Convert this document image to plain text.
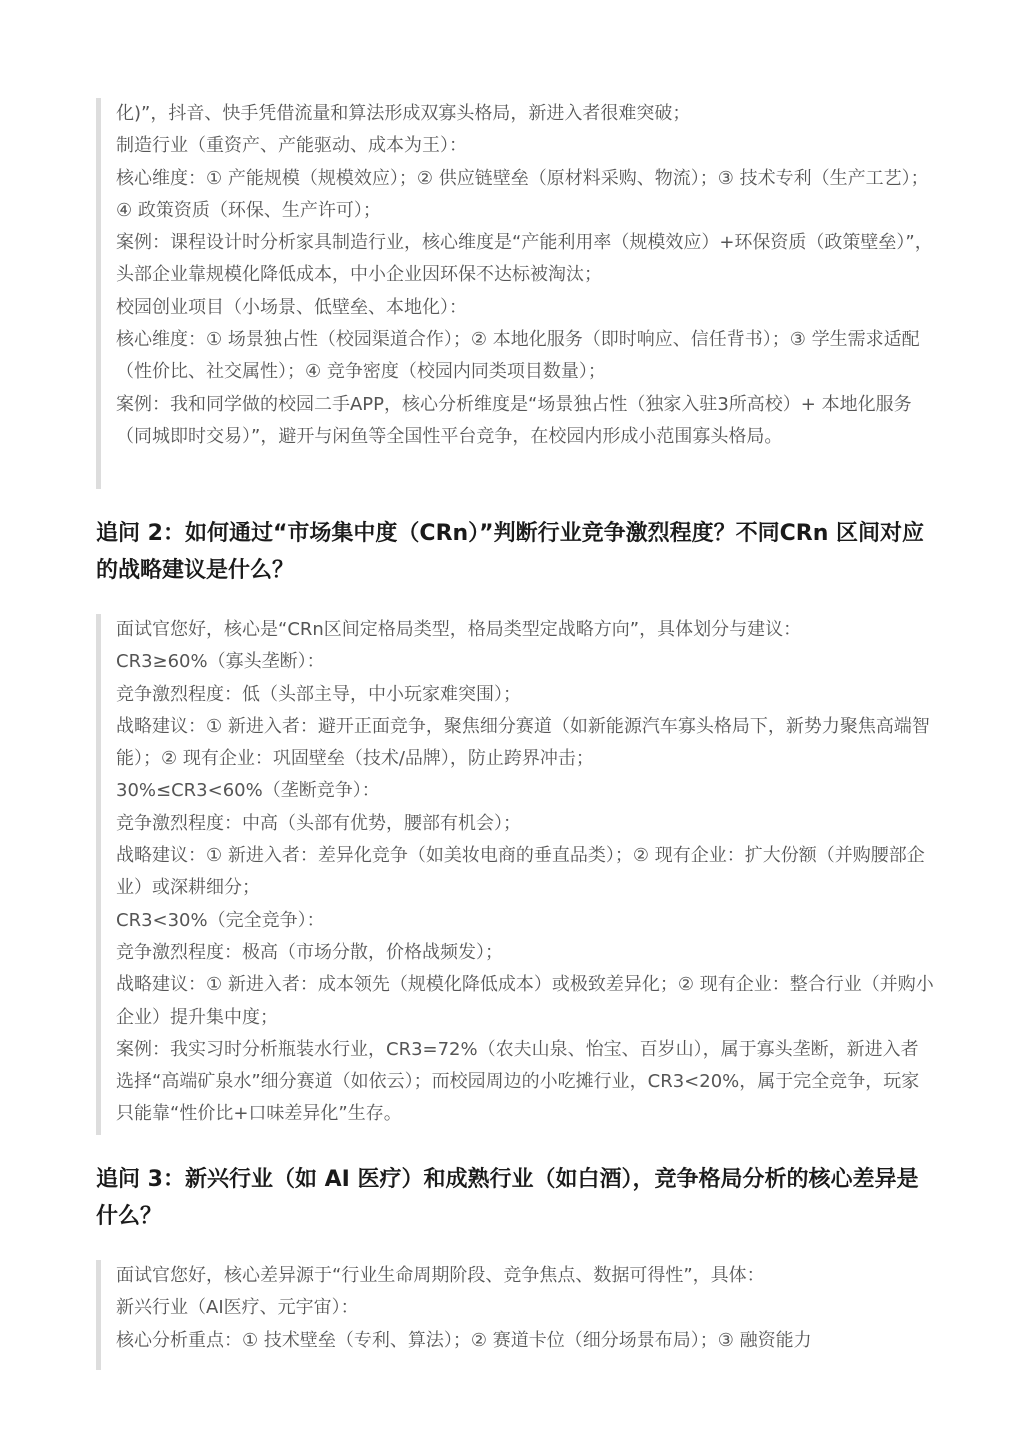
化)”，抖音、快手凭借流量和算法形成双寡头格局，新进入者很难突破；

制造行业（重资产、产能驱动、成本为王）：

核心维度：① 产能规模（规模效应）；② 供应链壁垒（原材料采购、物流）；③ 技术专利（生产工艺）；④ 政策资质（环保、生产许可）；

案例：课程设计时分析家具制造行业，核心维度是“产能利用率（规模效应）+环保资质（政策壁垒）”，头部企业靠规模化降低成本，中小企业因环保不达标被淘汰；

校园创业项目（小场景、低壁垒、本地化）：

核心维度：① 场景独占性（校园渠道合作）；② 本地化服务（即时响应、信任背书）；③ 学生需求适配（性价比、社交属性）；④ 竞争密度（校园内同类项目数量）；

案例：我和同学做的校园二手APP，核心分析维度是“场景独占性（独家入驻3所高校）+ 本地化服务（同城即时交易）”，避开与闲鱼等全国性平台竞争，在校园内形成小范围寡头格局。

追问 2：如何通过“市场集中度（CRn）”判断行业竞争激烈程度？不同CRn 区间对应的战略建议是什么？

面试官您好，核心是“CRn区间定格局类型，格局类型定战略方向”，具体划分与建议：

CR3≥60%（寡头垄断）：

竞争激烈程度：低（头部主导，中小玩家难突围）；

战略建议：① 新进入者：避开正面竞争，聚焦细分赛道（如新能源汽车寡头格局下，新势力聚焦高端智能）；② 现有企业：巩固壁垒（技术/品牌），防止跨界冲击；

30%≤CR3<60%（垄断竞争）：

竞争激烈程度：中高（头部有优势，腰部有机会）；

战略建议：① 新进入者：差异化竞争（如美妆电商的垂直品类）；② 现有企业：扩大份额（并购腰部企业）或深耕细分；

CR3<30%（完全竞争）：

竞争激烈程度：极高（市场分散，价格战频发）；

战略建议：① 新进入者：成本领先（规模化降低成本）或极致差异化；② 现有企业：整合行业（并购小企业）提升集中度；

案例：我实习时分析瓶装水行业，CR3=72%（农夫山泉、怡宝、百岁山），属于寡头垄断，新进入者选择“高端矿泉水”细分赛道（如依云）；而校园周边的小吃摊行业，CR3<20%，属于完全竞争，玩家只能靠“性价比+口味差异化”生存。

追问 3：新兴行业（如 AI 医疗）和成熟行业（如白酒），竞争格局分析的核心差异是什么？

面试官您好，核心差异源于“行业生命周期阶段、竞争焦点、数据可得性”，具体：

新兴行业（AI医疗、元宇宙）：

核心分析重点：① 技术壁垒（专利、算法）；② 赛道卡位（细分场景布局）；③ 融资能力
